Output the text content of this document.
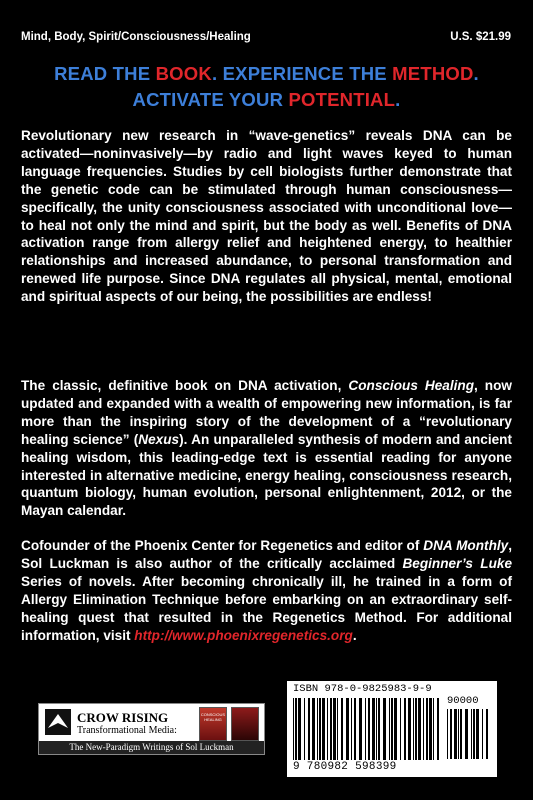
Mind, Body, Spirit/Consciousness/Healing	U.S. $21.99
READ THE BOOK. EXPERIENCE THE METHOD.
ACTIVATE YOUR POTENTIAL.
Revolutionary new research in “wave-genetics” reveals DNA can be activated—noninvasively—by radio and light waves keyed to human language frequencies. Studies by cell biologists further demonstrate that the genetic code can be stimulated through human consciousness—specifically, the unity consciousness associated with unconditional love—to heal not only the mind and spirit, but the body as well. Benefits of DNA activation range from allergy relief and heightened energy, to healthier relationships and increased abundance, to personal transformation and renewed life purpose. Since DNA regulates all physical, mental, emotional and spiritual aspects of our being, the possibilities are endless!
The classic, definitive book on DNA activation, Conscious Healing, now updated and expanded with a wealth of empowering new information, is far more than the inspiring story of the development of a “revolutionary healing science” (Nexus). An unparalleled synthesis of modern and ancient healing wisdom, this leading-edge text is essential reading for anyone interested in alternative medicine, energy healing, consciousness research, quantum biology, human evolution, personal enlightenment, 2012, or the Mayan calendar.
Cofounder of the Phoenix Center for Regenetics and editor of DNA Monthly, Sol Luckman is also author of the critically acclaimed Beginner’s Luke Series of novels. After becoming chronically ill, he trained in a form of Allergy Elimination Technique before embarking on an extraordinary self-healing quest that resulted in the Regenetics Method. For additional information, visit http://www.phoenixregenetics.org.
CROW RISING
Transformational Media:
CONSCIOUS HEALING
The New-Paradigm Writings of Sol Luckman
ISBN 978-0-9825983-9-9
90000
9 780982 598399
